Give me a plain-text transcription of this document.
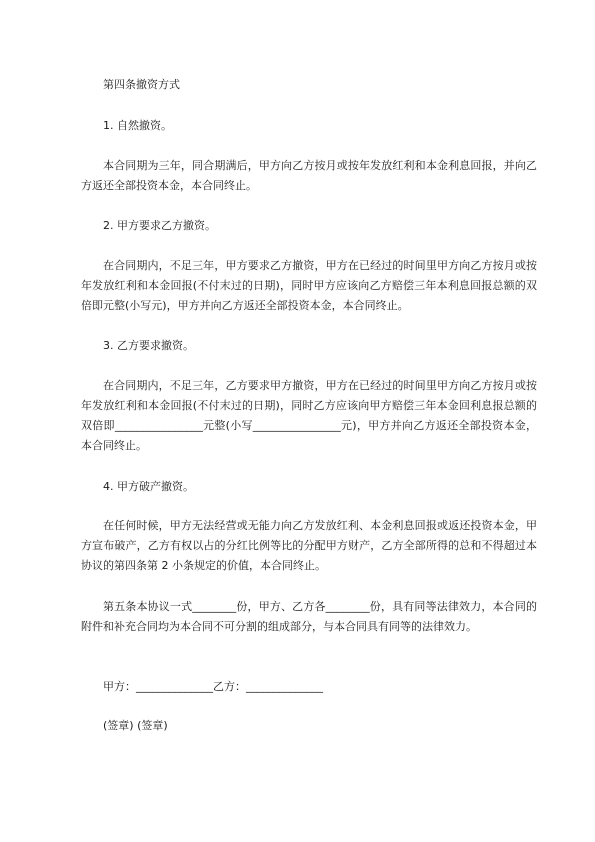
第四条撤资方式

1. 自然撤资。

本合同期为三年，同合期满后，甲方向乙方按月或按年发放红利和本金利息回报，并向乙方返还全部投资本金，本合同终止。

2. 甲方要求乙方撤资。

在合同期内，不足三年，甲方要求乙方撤资，甲方在已经过的时间里甲方向乙方按月或按年发放红利和本金回报(不付末过的日期)，同时甲方应该向乙方赔偿三年本利息回报总额的双倍即元整(小写元)，甲方并向乙方返还全部投资本金，本合同终止。

3. 乙方要求撤资。

在合同期内，不足三年，乙方要求甲方撤资，甲方在已经过的时间里甲方向乙方按月或按年发放红利和本金回报(不付末过的日期)，同时乙方应该向甲方赔偿三年本金回利息报总额的双倍即________________元整(小写________________元)，甲方并向乙方返还全部投资本金，本合同终止。

4. 甲方破产撤资。

在任何时候，甲方无法经营或无能力向乙方发放红利、本金利息回报或返还投资本金，甲方宣布破产，乙方有权以占的分红比例等比的分配甲方财产，乙方全部所得的总和不得超过本协议的第四条第 2 小条规定的价值，本合同终止。

第五条本协议一式________份，甲方、乙方各________份，具有同等法律效力，本合同的附件和补充合同均为本合同不可分割的组成部分，与本合同具有同等的法律效力。

甲方：______________乙方：______________

(签章) (签章)
